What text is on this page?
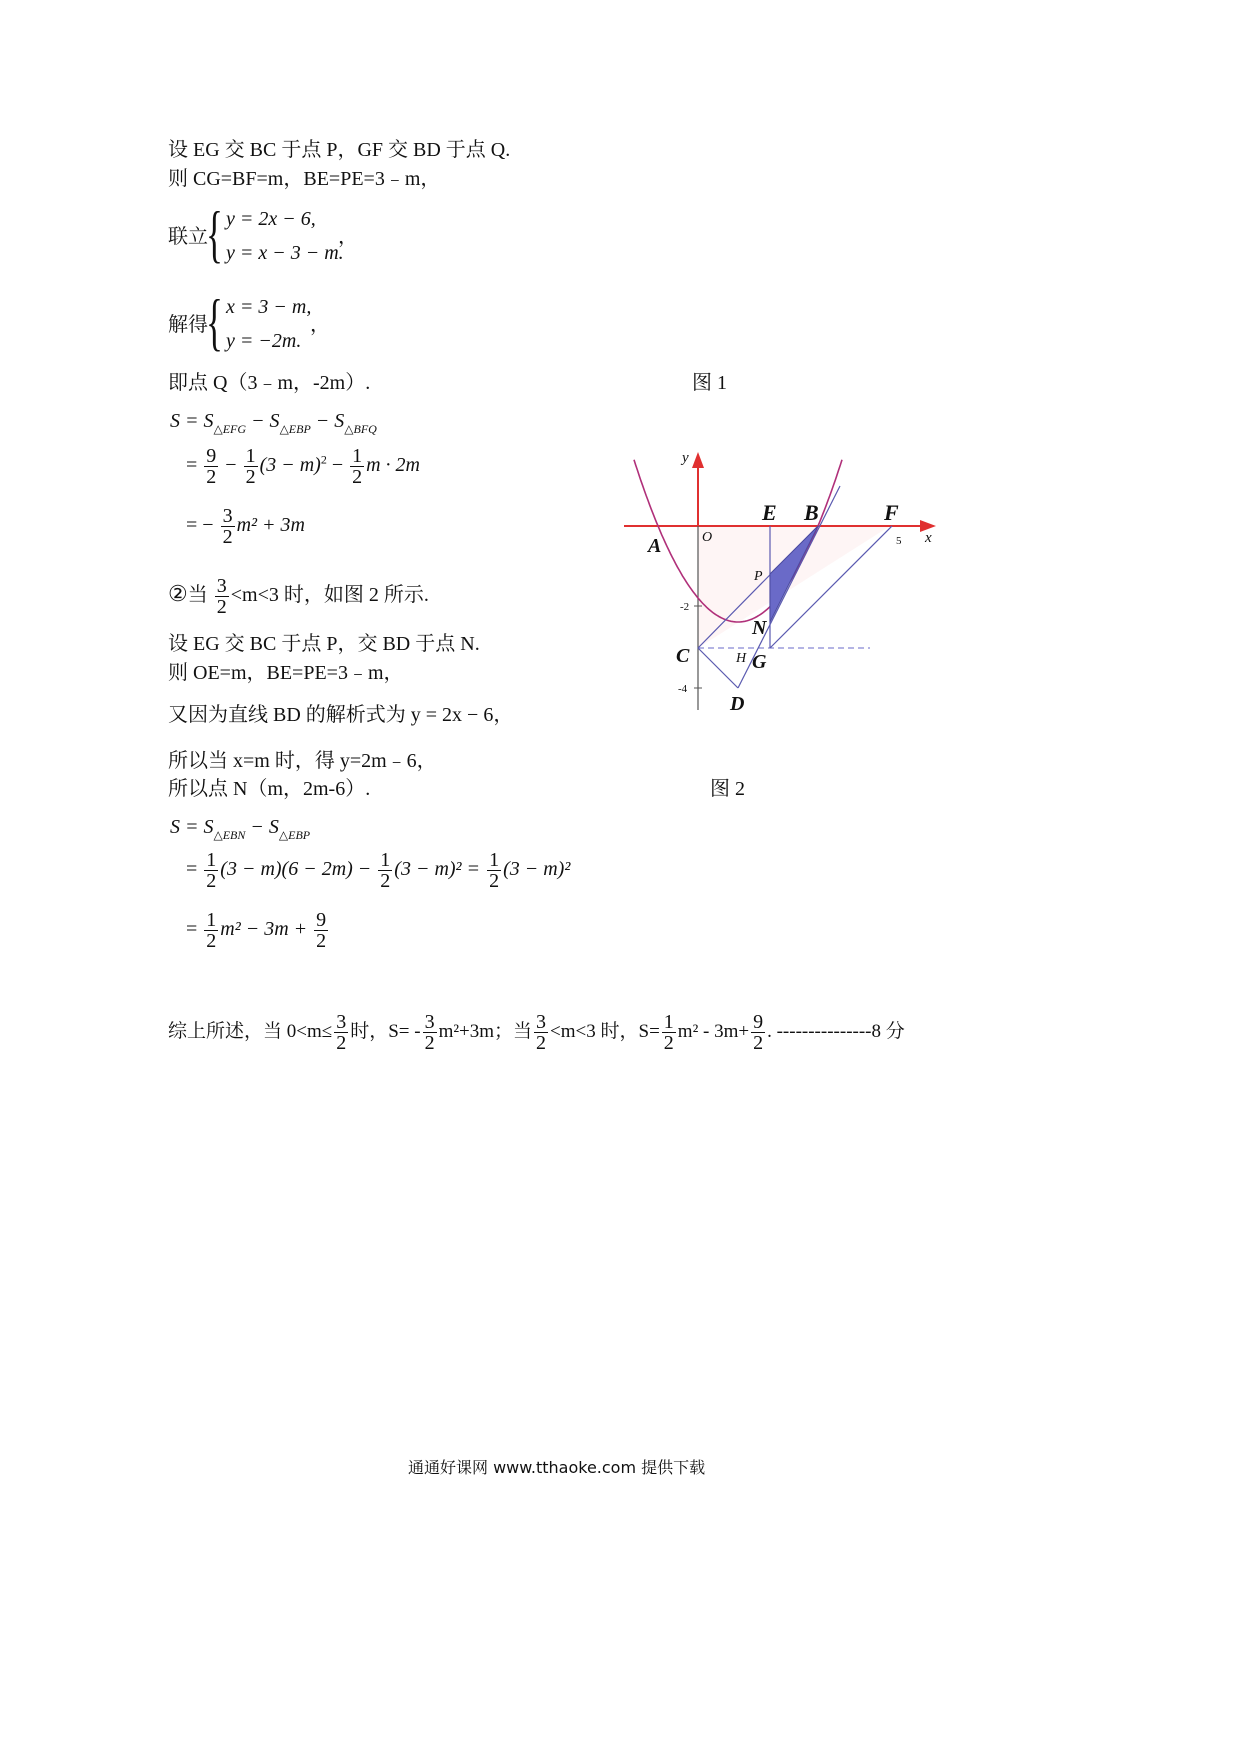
设 EG 交 BC 于点 P，GF 交 BD 于点 Q.
则 CG=BF=m，BE=PE=3﹣m，
联立
{ y = 2x − 6,
y = x − 3 − m.
，
解得
{ x = 3 − m,
y = −2m.
，
即点 Q（3﹣m，-2m）.
$S = S_{\triangle EFG} - S_{\triangle EBP} - S_{\triangle BFQ}$
= $\frac{9}{2} - \frac{1}{2} (3 - m)^2 - \frac{1}{2}$ m · 2m
= − $\frac{3}{2} m^2 + 3m$
②当 $\frac{3}{2} <m<3$ 时，如图 2 所示.
设 EG 交 BC 于点 P，交 BD 于点 N.
则 OE=m，BE=PE=3﹣m，
又因为直线 BD 的解析式为 y = 2x − 6，
所以当 x=m 时，得 y=2m﹣6，
所以点 N（m，2m-6）.
$S = S_{\triangle EBN} - S_{\triangle EBP}$
= $\frac{1}{2} (3 - m)(6 - 2m) - \frac{1}{2} (3 - m)^2 = \frac{1}{2} (3 - m)^2$
= $\frac{1}{2} m^2 - 3m + \frac{9}{2}$
综上所述，当 $0<m\le \frac{3}{2}$ 时，$S= - \frac{3}{2} m^2+3m$；当 $\frac{3}{2} <m<3$ 时，$S= \frac{1}{2} m^2 - 3m+ \frac{9}{2}$ . ---------------8 分
图 1
图 2
y
x
O
A
E B	F
5
P
N
C	H G
D
-2
-4
通通好课网 www.tthaoke.com 提供下载
